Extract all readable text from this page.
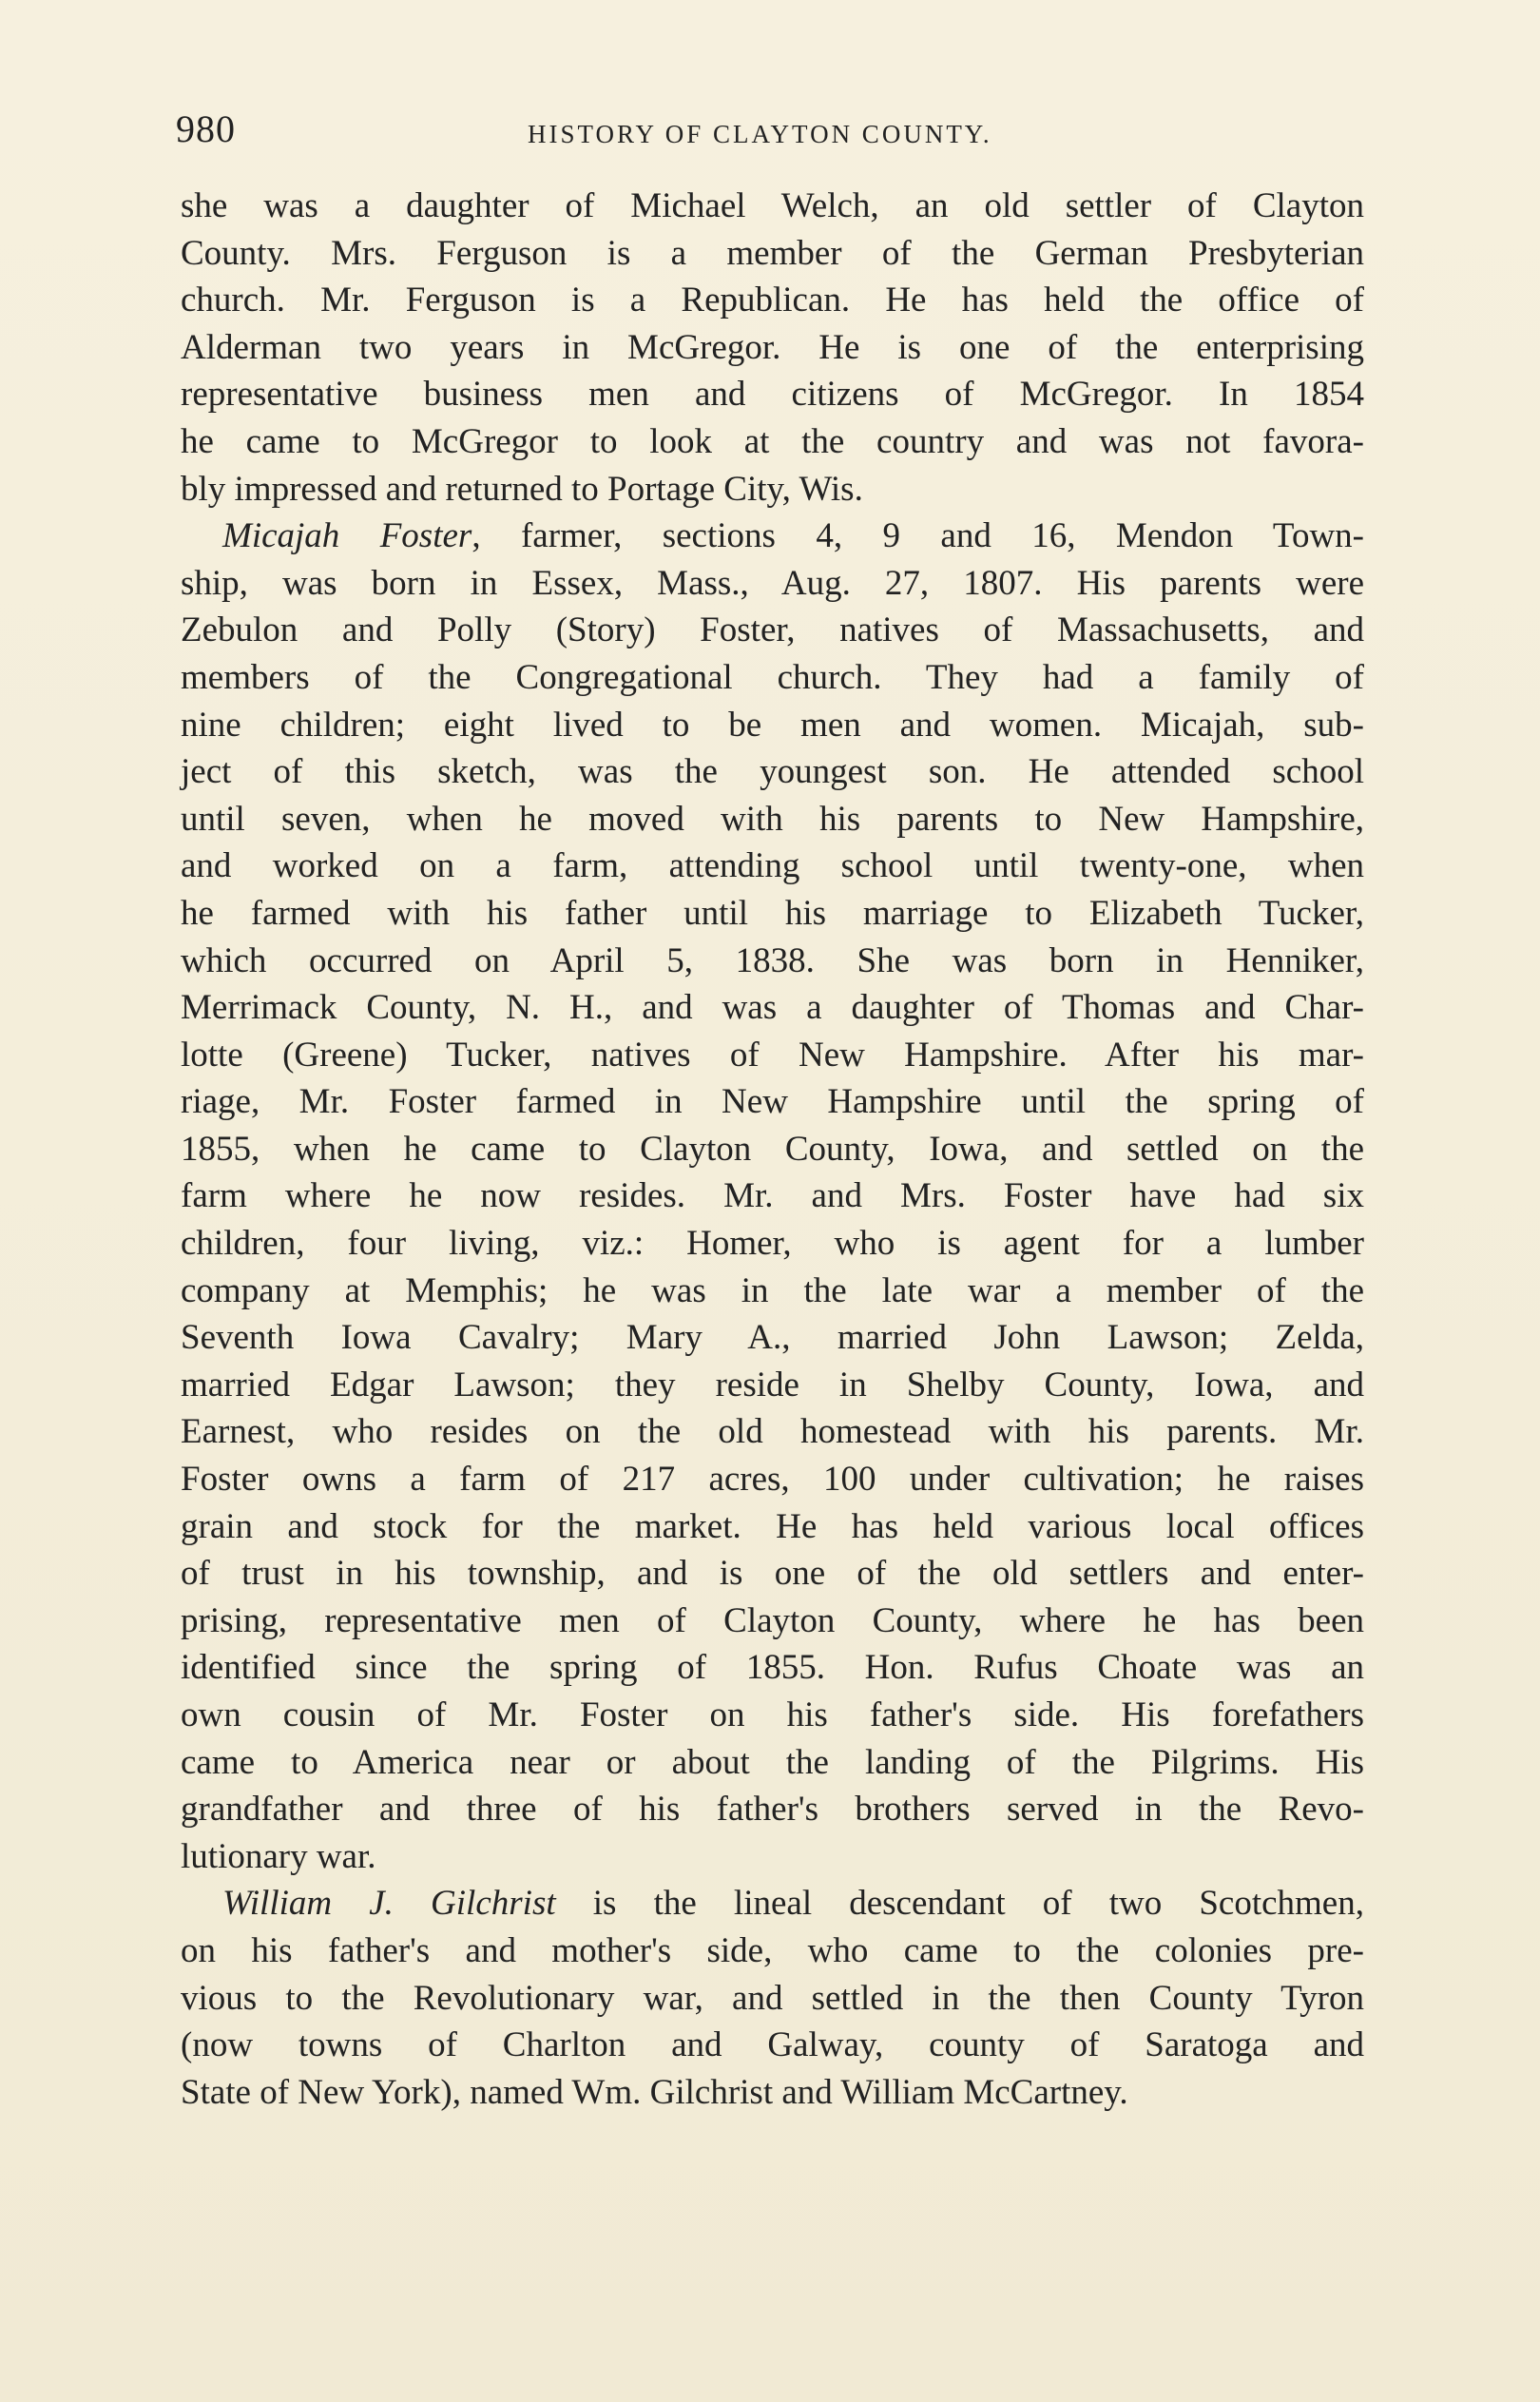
980	HISTORY OF CLAYTON COUNTY.
she was a daughter of Michael Welch, an old settler of Clayton
County. Mrs. Ferguson is a member of the German Presbyterian
church. Mr. Ferguson is a Republican. He has held the office of
Alderman two years in McGregor. He is one of the enterprising
representative business men and citizens of McGregor. In 1854
he came to McGregor to look at the country and was not favora-
bly impressed and returned to Portage City, Wis.
Micajah Foster, farmer, sections 4, 9 and 16, Mendon Town-
ship, was born in Essex, Mass., Aug. 27, 1807. His parents were
Zebulon and Polly (Story) Foster, natives of Massachusetts, and
members of the Congregational church. They had a family of
nine children; eight lived to be men and women. Micajah, sub-
ject of this sketch, was the youngest son. He attended school
until seven, when he moved with his parents to New Hampshire,
and worked on a farm, attending school until twenty-one, when
he farmed with his father until his marriage to Elizabeth Tucker,
which occurred on April 5, 1838. She was born in Henniker,
Merrimack County, N. H., and was a daughter of Thomas and Char-
lotte (Greene) Tucker, natives of New Hampshire. After his mar-
riage, Mr. Foster farmed in New Hampshire until the spring of
1855, when he came to Clayton County, Iowa, and settled on the
farm where he now resides. Mr. and Mrs. Foster have had six
children, four living, viz.: Homer, who is agent for a lumber
company at Memphis; he was in the late war a member of the
Seventh Iowa Cavalry; Mary A., married John Lawson; Zelda,
married Edgar Lawson; they reside in Shelby County, Iowa, and
Earnest, who resides on the old homestead with his parents. Mr.
Foster owns a farm of 217 acres, 100 under cultivation; he raises
grain and stock for the market. He has held various local offices
of trust in his township, and is one of the old settlers and enter-
prising, representative men of Clayton County, where he has been
identified since the spring of 1855. Hon. Rufus Choate was an
own cousin of Mr. Foster on his father's side. His forefathers
came to America near or about the landing of the Pilgrims. His
grandfather and three of his father's brothers served in the Revo-
lutionary war.
William J. Gilchrist is the lineal descendant of two Scotchmen,
on his father's and mother's side, who came to the colonies pre-
vious to the Revolutionary war, and settled in the then County Tyron
(now towns of Charlton and Galway, county of Saratoga and
State of New York), named Wm. Gilchrist and William McCartney.
